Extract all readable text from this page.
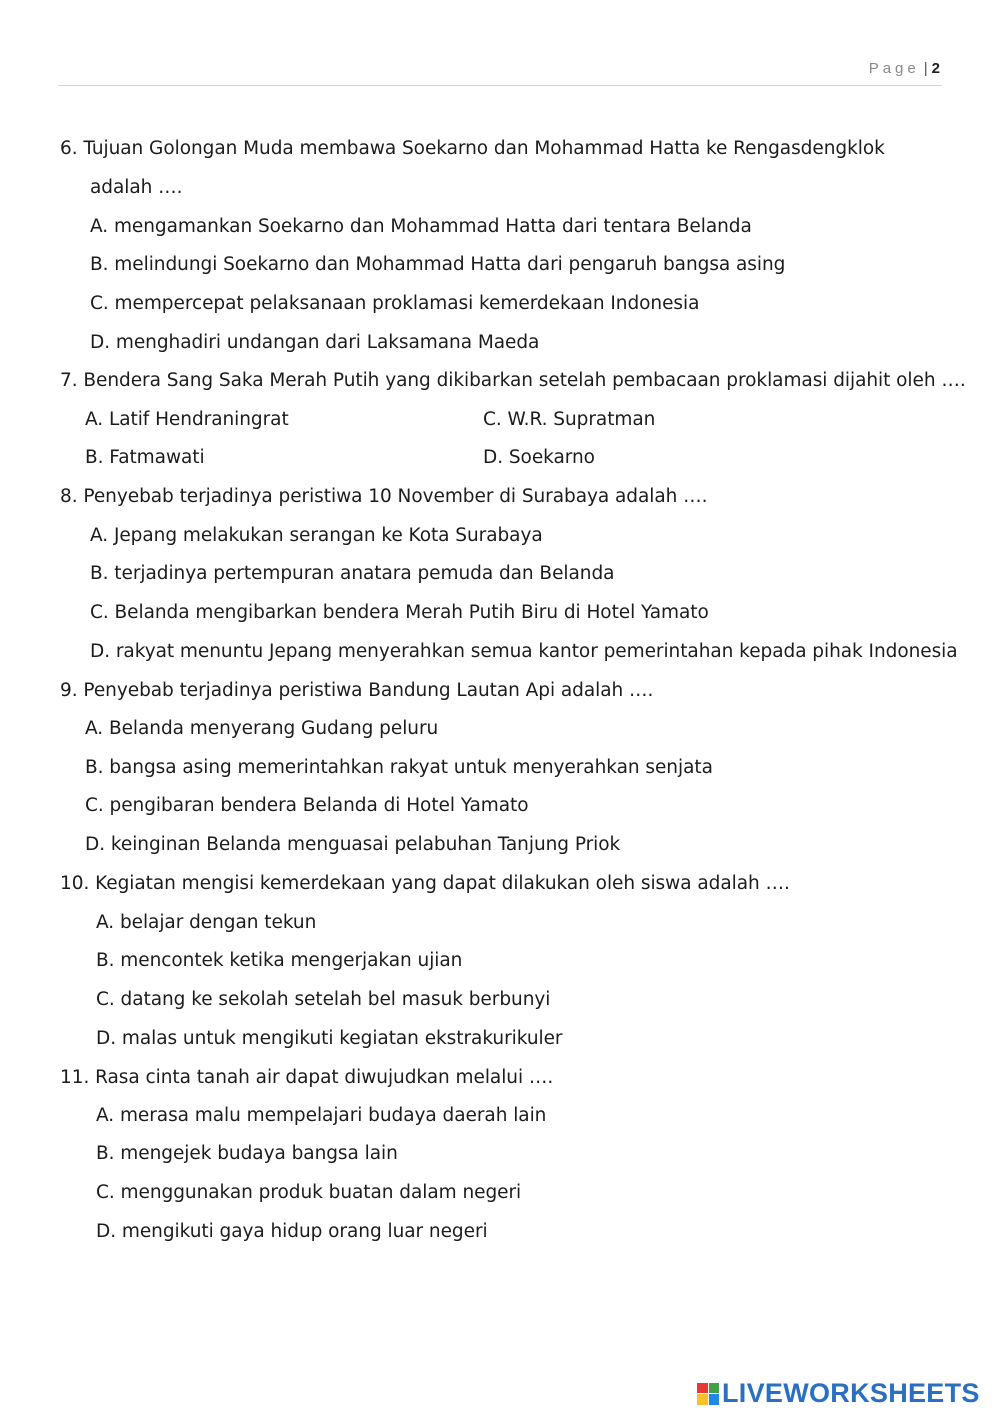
Page | 2
6. Tujuan Golongan Muda membawa Soekarno dan Mohammad Hatta ke Rengasdengklok
adalah ….
A. mengamankan Soekarno dan Mohammad Hatta dari tentara Belanda
B. melindungi Soekarno dan Mohammad Hatta dari pengaruh bangsa asing
C. mempercepat pelaksanaan proklamasi kemerdekaan Indonesia
D. menghadiri undangan dari Laksamana Maeda
7. Bendera Sang Saka Merah Putih yang dikibarkan setelah pembacaan proklamasi dijahit oleh ….
A. Latif Hendraningrat	C. W.R. Supratman
B. Fatmawati	D. Soekarno
8. Penyebab terjadinya peristiwa 10 November di Surabaya adalah ….
A. Jepang melakukan serangan ke Kota Surabaya
B. terjadinya pertempuran anatara pemuda dan Belanda
C. Belanda mengibarkan bendera Merah Putih Biru di Hotel Yamato
D. rakyat menuntu Jepang menyerahkan semua kantor pemerintahan kepada pihak Indonesia
9. Penyebab terjadinya peristiwa Bandung Lautan Api adalah ….
A. Belanda menyerang Gudang peluru
B. bangsa asing memerintahkan rakyat untuk menyerahkan senjata
C. pengibaran bendera Belanda di Hotel Yamato
D. keinginan Belanda menguasai pelabuhan Tanjung Priok
10. Kegiatan mengisi kemerdekaan yang dapat dilakukan oleh siswa adalah ….
A. belajar dengan tekun
B. mencontek ketika mengerjakan ujian
C. datang ke sekolah setelah bel masuk berbunyi
D. malas untuk mengikuti kegiatan ekstrakurikuler
11. Rasa cinta tanah air dapat diwujudkan melalui ….
A. merasa malu mempelajari budaya daerah lain
B. mengejek budaya bangsa lain
C. menggunakan produk buatan dalam negeri
D. mengikuti gaya hidup orang luar negeri
LIVEWORKSHEETS
